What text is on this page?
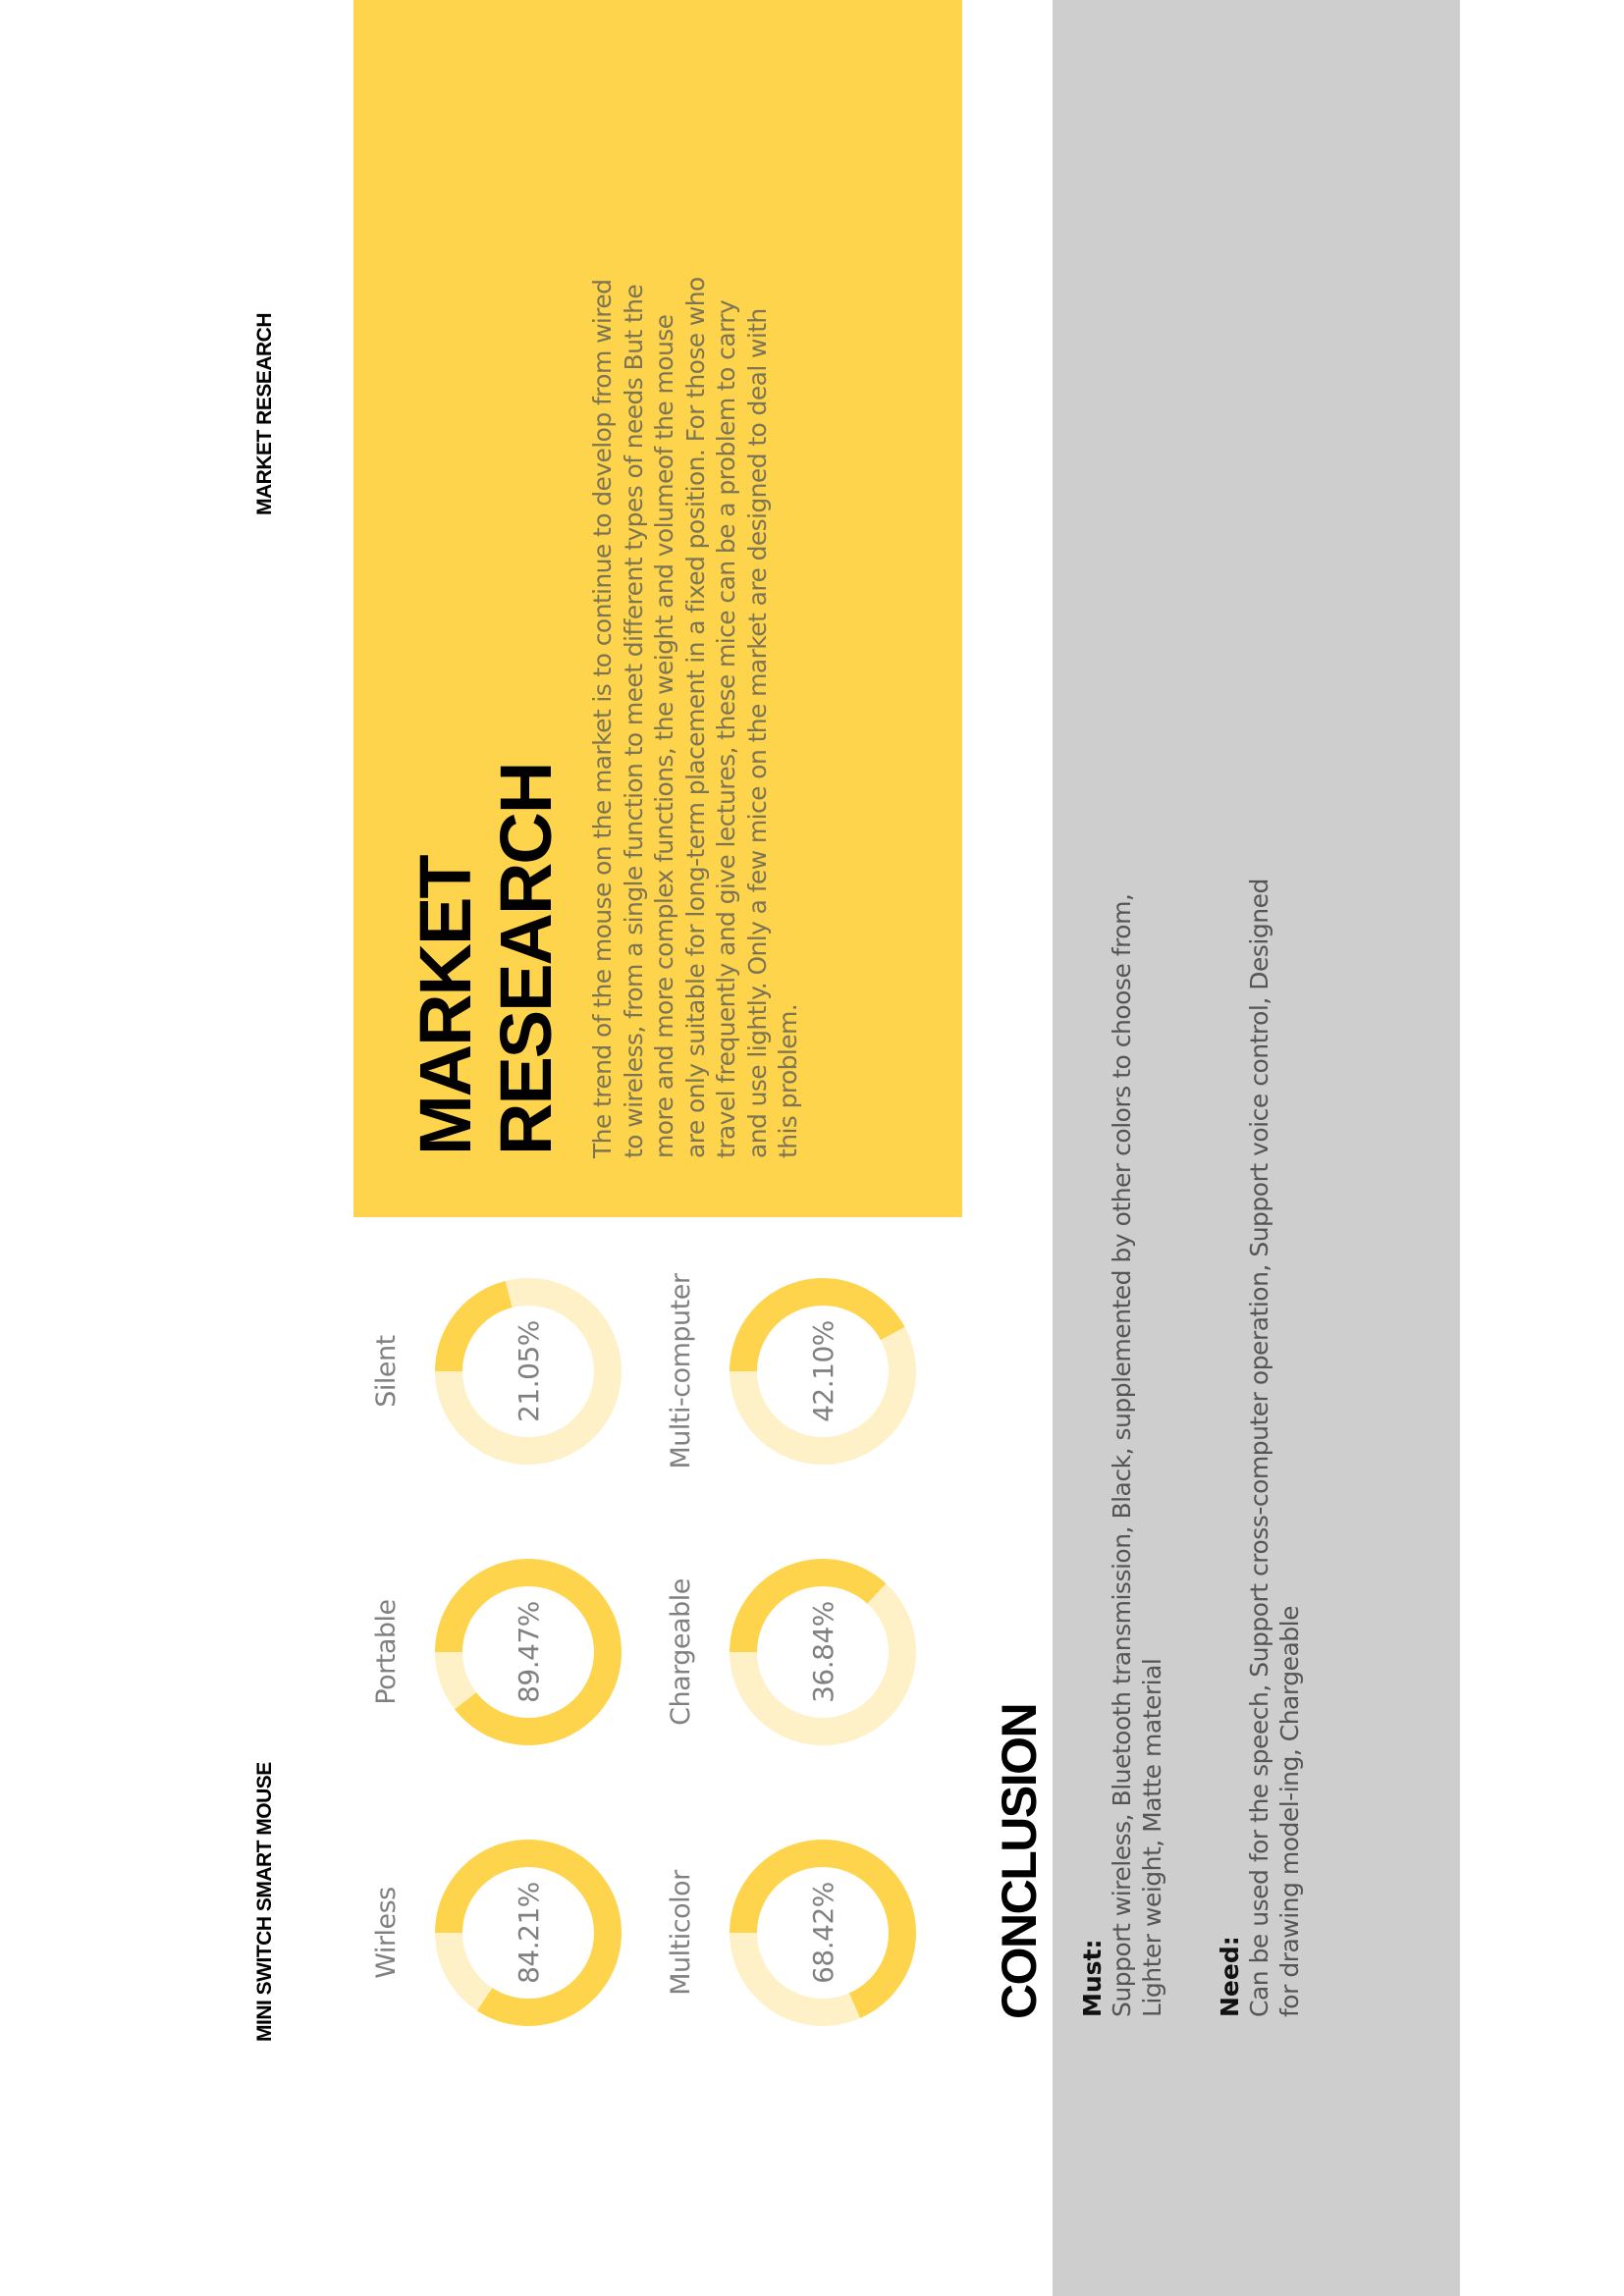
MINI SWITCH SMART MOUSE
MARKET RESEARCH
MARKET RESEARCH The trend of the mouse on the market is to continue to develop from wired to wireless, from a single function to meet different types of needs But the more and more complex functions, the weight and volumeof the mouse are only suitable for long-term placement in a fixed position. For those who travel frequently and give lectures, these mice can be a problem to carry and use lightly. Only a few mice on the market are designed to deal with this problem.
Wirless	84.21%	Multicolor	68.42%
Portable	89.47%	Chargeable	36.84%
Silent	21.05%	Multi-computer	42.10%
CONCLUSION Must: Support wireless, Bluetooth transmission, Black, supplemented by other colors to choose from, Lighter weight, Matte material Need: Can be used for the speech, Support cross-computer operation, Support voice control, Designed for drawing model-ing, Chargeable
